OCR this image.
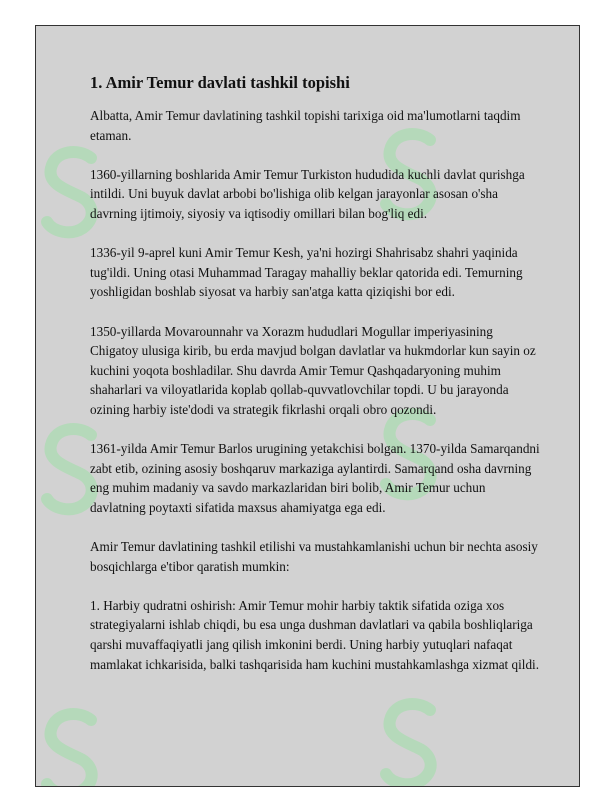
1. Amir Temur davlati tashkil topishi

Albatta, Amir Temur davlatining tashkil topishi tarixiga oid ma'lumotlarni taqdim etaman.

1360-yillarning boshlarida Amir Temur Turkiston hududida kuchli davlat qurishga intildi. Uni buyuk davlat arbobi bo'lishiga olib kelgan jarayonlar asosan o'sha davrning ijtimoiy, siyosiy va iqtisodiy omillari bilan bog'liq edi.

1336-yil 9-aprel kuni Amir Temur Kesh, ya'ni hozirgi Shahrisabz shahri yaqinida tug'ildi. Uning otasi Muhammad Taragay mahalliy beklar qatorida edi. Temurning yoshligidan boshlab siyosat va harbiy san'atga katta qiziqishi bor edi.

1350-yillarda Movarounnahr va Xorazm hududlari Mogullar imperiyasining Chigatoy ulusiga kirib, bu erda mavjud bolgan davlatlar va hukmdorlar kun sayin oz kuchini yoqota boshladilar. Shu davrda Amir Temur Qashqadaryoning muhim shaharlari va viloyatlarida koplab qollab-quvvatlovchilar topdi. U bu jarayonda ozining harbiy iste'dodi va strategik fikrlashi orqali obro qozondi.

1361-yilda Amir Temur Barlos urugining yetakchisi bolgan. 1370-yilda Samarqandni zabt etib, ozining asosiy boshqaruv markaziga aylantirdi. Samarqand osha davrning eng muhim madaniy va savdo markazlaridan biri bolib, Amir Temur uchun davlatning poytaxti sifatida maxsus ahamiyatga ega edi.

Amir Temur davlatining tashkil etilishi va mustahkamlanishi uchun bir nechta asosiy bosqichlarga e'tibor qaratish mumkin:

1. Harbiy qudratni oshirish: Amir Temur mohir harbiy taktik sifatida oziga xos strategiyalarni ishlab chiqdi, bu esa unga dushman davlatlari va qabila boshliqlariga qarshi muvaffaqiyatli jang qilish imkonini berdi. Uning harbiy yutuqlari nafaqat mamlakat ichkarisida, balki tashqarisida ham kuchini mustahkamlashga xizmat qildi.
